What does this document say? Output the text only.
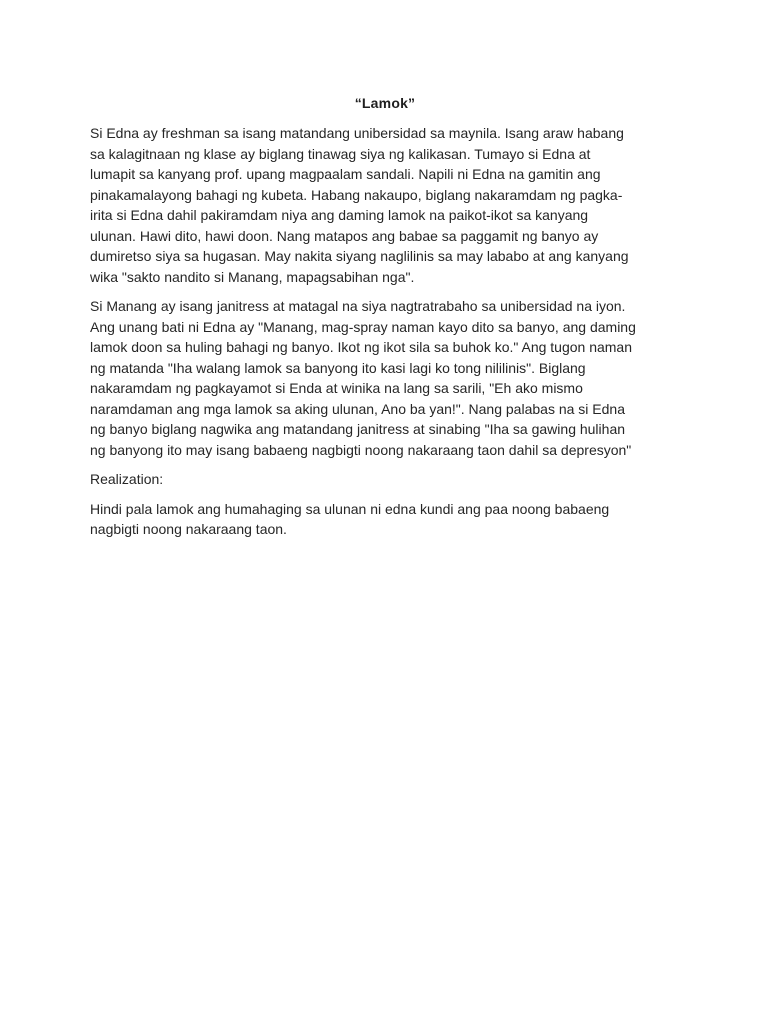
“Lamok”
Si Edna ay freshman sa isang matandang unibersidad sa maynila. Isang araw habang
sa kalagitnaan ng klase ay biglang tinawag siya ng kalikasan. Tumayo si Edna at
lumapit sa kanyang prof. upang magpaalam sandali. Napili ni Edna na gamitin ang
pinakamalayong bahagi ng kubeta. Habang nakaupo, biglang nakaramdam ng pagka-
irita si Edna dahil pakiramdam niya ang daming lamok na paikot-ikot sa kanyang
ulunan. Hawi dito, hawi doon. Nang matapos ang babae sa paggamit ng banyo ay
dumiretso siya sa hugasan. May nakita siyang naglilinis sa may lababo at ang kanyang
wika "sakto nandito si Manang, mapagsabihan nga".
Si Manang ay isang janitress at matagal na siya nagtratrabaho sa unibersidad na iyon.
Ang unang bati ni Edna ay "Manang, mag-spray naman kayo dito sa banyo, ang daming
lamok doon sa huling bahagi ng banyo. Ikot ng ikot sila sa buhok ko." Ang tugon naman
ng matanda "Iha walang lamok sa banyong ito kasi lagi ko tong nililinis". Biglang
nakaramdam ng pagkayamot si Enda at winika na lang sa sarili, "Eh ako mismo
naramdaman ang mga lamok sa aking ulunan, Ano ba yan!". Nang palabas na si Edna
ng banyo biglang nagwika ang matandang janitress at sinabing "Iha sa gawing hulihan
ng banyong ito may isang babaeng nagbigti noong nakaraang taon dahil sa depresyon"
Realization:
Hindi pala lamok ang humahaging sa ulunan ni edna kundi ang paa noong babaeng
nagbigti noong nakaraang taon.
